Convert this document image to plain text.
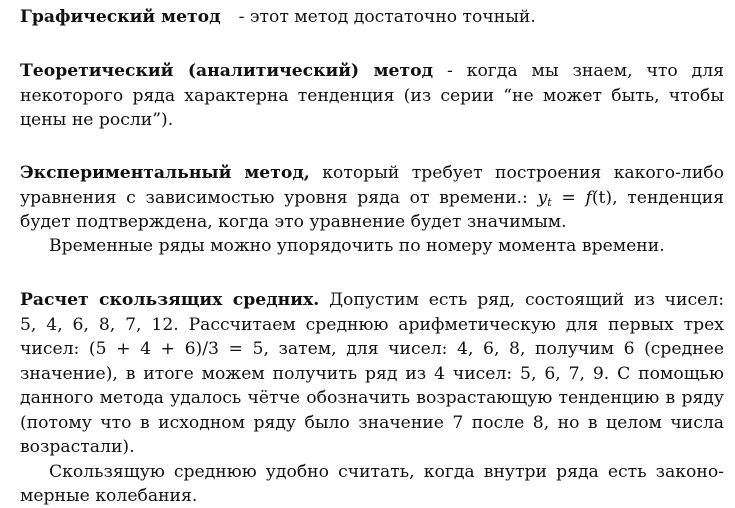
Графический метод - этот метод достаточно точный.
Теоретический (аналитический) метод - когда мы знаем, что для
некоторого ряда характерна тенденция (из серии “не может быть, чтобы
цены не росли”).
Экспериментальный метод, который требует построения какого-либо
уравнения с зависимостью уровня ряда от времени.: $y_t = f(t)$, тенденция
будет подтверждена, когда это уравнение будет значимым.
Временные ряды можно упорядочить по номеру момента времени.
Расчет скользящих средних. Допустим есть ряд, состоящий из чисел:
5, 4, 6, 8, 7, 12. Рассчитаем среднюю арифметическую для первых трех
чисел: (5 + 4 + 6)/3 = 5, затем, для чисел: 4, 6, 8, получим 6 (среднее
значение), в итоге можем получить ряд из 4 чисел: 5, 6, 7, 9. С помощью
данного метода удалось чётче обозначить возрастающую тенденцию в ряду
(потому что в исходном ряду было значение 7 после 8, но в целом числа
возрастали).
Скользящую среднюю удобно считать, когда внутри ряда есть законо-
мерные колебания.
